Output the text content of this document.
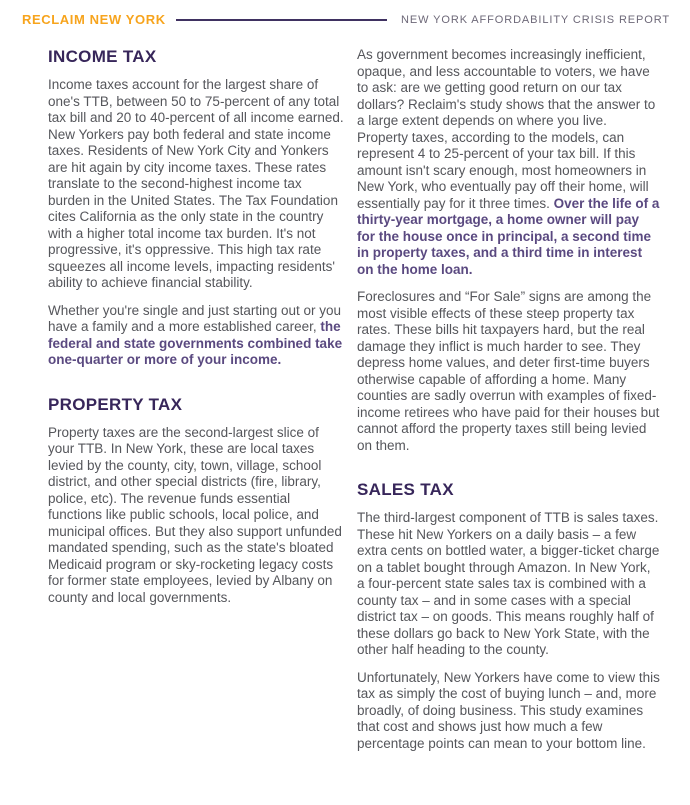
RECLAIM NEW YORK	NEW YORK AFFORDABILITY CRISIS REPORT
INCOME TAX

Income taxes account for the largest share of one's TTB, between 50 to 75-percent of any total tax bill and 20 to 40-percent of all income earned. New Yorkers pay both federal and state income taxes. Residents of New York City and Yonkers are hit again by city income taxes. These rates translate to the second-highest income tax burden in the United States. The Tax Foundation cites California as the only state in the country with a higher total income tax burden. It's not progressive, it's oppressive. This high tax rate squeezes all income levels, impacting residents' ability to achieve financial stability.

Whether you're single and just starting out or you have a family and a more established career, the federal and state governments combined take one-quarter or more of your income.

PROPERTY TAX

Property taxes are the second-largest slice of your TTB. In New York, these are local taxes levied by the county, city, town, village, school district, and other special districts (fire, library, police, etc). The revenue funds essential functions like public schools, local police, and municipal offices. But they also support unfunded mandated spending, such as the state's bloated Medicaid program or sky-rocketing legacy costs for former state employees, levied by Albany on county and local governments.

As government becomes increasingly inefficient, opaque, and less accountable to voters, we have to ask: are we getting good return on our tax dollars? Reclaim's study shows that the answer to a large extent depends on where you live. Property taxes, according to the models, can represent 4 to 25-percent of your tax bill. If this amount isn't scary enough, most homeowners in New York, who eventually pay off their home, will essentially pay for it three times. Over the life of a thirty-year mortgage, a home owner will pay for the house once in principal, a second time in property taxes, and a third time in interest on the home loan.

Foreclosures and “For Sale” signs are among the most visible effects of these steep property tax rates. These bills hit taxpayers hard, but the real damage they inflict is much harder to see. They depress home values, and deter first-time buyers otherwise capable of affording a home. Many counties are sadly overrun with examples of fixed-income retirees who have paid for their houses but cannot afford the property taxes still being levied on them.

SALES TAX

The third-largest component of TTB is sales taxes. These hit New Yorkers on a daily basis – a few extra cents on bottled water, a bigger-ticket charge on a tablet bought through Amazon. In New York, a four-percent state sales tax is combined with a county tax – and in some cases with a special district tax – on goods. This means roughly half of these dollars go back to New York State, with the other half heading to the county.

Unfortunately, New Yorkers have come to view this tax as simply the cost of buying lunch – and, more broadly, of doing business. This study examines that cost and shows just how much a few percentage points can mean to your bottom line.
